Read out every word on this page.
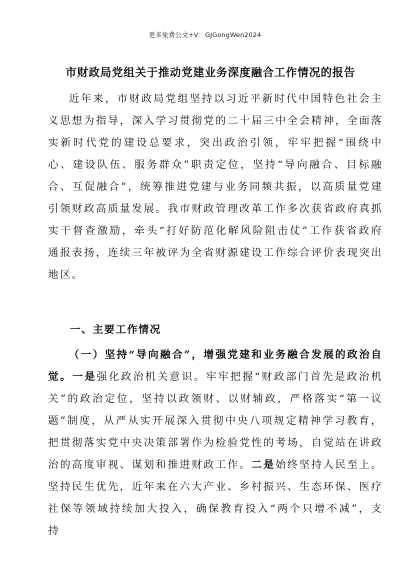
更多免费公文+V：GJGongWen2024
市财政局党组关于推动党建业务深度融合工作情况的报告
近年来，市财政局党组坚持以习近平新时代中国特色社会主义思想为指导，深入学习贯彻党的二十届三中全会精神，全面落实新时代党的建设总要求，突出政治引领，牢牢把握“围绕中心、建设队伍、服务群众”职责定位，坚持“导向融合、目标融合、互促融合”，统筹推进党建与业务同频共振，以高质量党建引领财政高质量发展。我市财政管理改革工作多次获省政府真抓实干督查激励，牵头“打好防范化解风险阻击仗”工作获省政府通报表扬，连续三年被评为全省财源建设工作综合评价表现突出地区。
一、主要工作情况
（一）坚持“导向融合”，增强党建和业务融合发展的政治自觉。一是强化政治机关意识。牢牢把握“财政部门首先是政治机关”的政治定位，坚持以政领财、以财辅政，严格落实“第一议题”制度，从严从实开展深入贯彻中央八项规定精神学习教育，把贯彻落实党中央决策部署作为检验党性的考场，自觉站在讲政治的高度审视、谋划和推进财政工作。二是始终坚持人民至上。坚持民生优先，近年来在六大产业、乡村振兴、生态环保、医疗社保等领域持续加大投入，确保教育投入“两个只增不减”，支持
